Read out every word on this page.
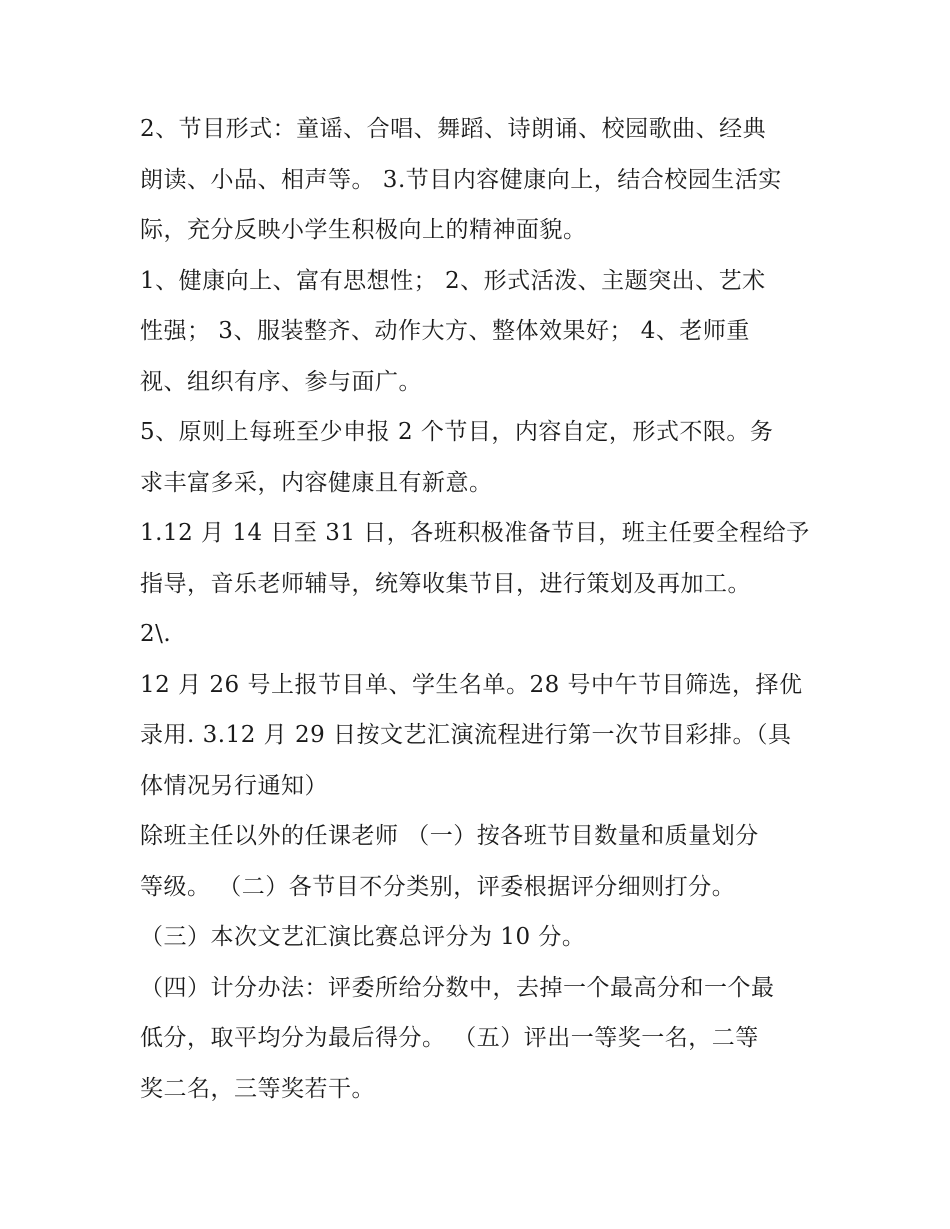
2、节目形式：童谣、合唱、舞蹈、诗朗诵、校园歌曲、经典
朗读、小品、相声等。 3.节目内容健康向上，结合校园生活实
际，充分反映小学生积极向上的精神面貌。
1、健康向上、富有思想性； 2、形式活泼、主题突出、艺术
性强； 3、服装整齐、动作大方、整体效果好； 4、老师重
视、组织有序、参与面广。
5、原则上每班至少申报 2 个节目，内容自定，形式不限。务
求丰富多采，内容健康且有新意。
1.12 月 14 日至 31 日，各班积极准备节目，班主任要全程给予
指导，音乐老师辅导，统筹收集节目，进行策划及再加工。
2\.
12 月 26 号上报节目单、学生名单。28 号中午节目筛选，择优
录用. 3.12 月 29 日按文艺汇演流程进行第一次节目彩排。（具
体情况另行通知）
除班主任以外的任课老师 （一）按各班节目数量和质量划分
等级。 （二）各节目不分类别，评委根据评分细则打分。
（三）本次文艺汇演比赛总评分为 10 分。
（四）计分办法：评委所给分数中，去掉一个最高分和一个最
低分，取平均分为最后得分。 （五）评出一等奖一名，二等
奖二名，三等奖若干。
